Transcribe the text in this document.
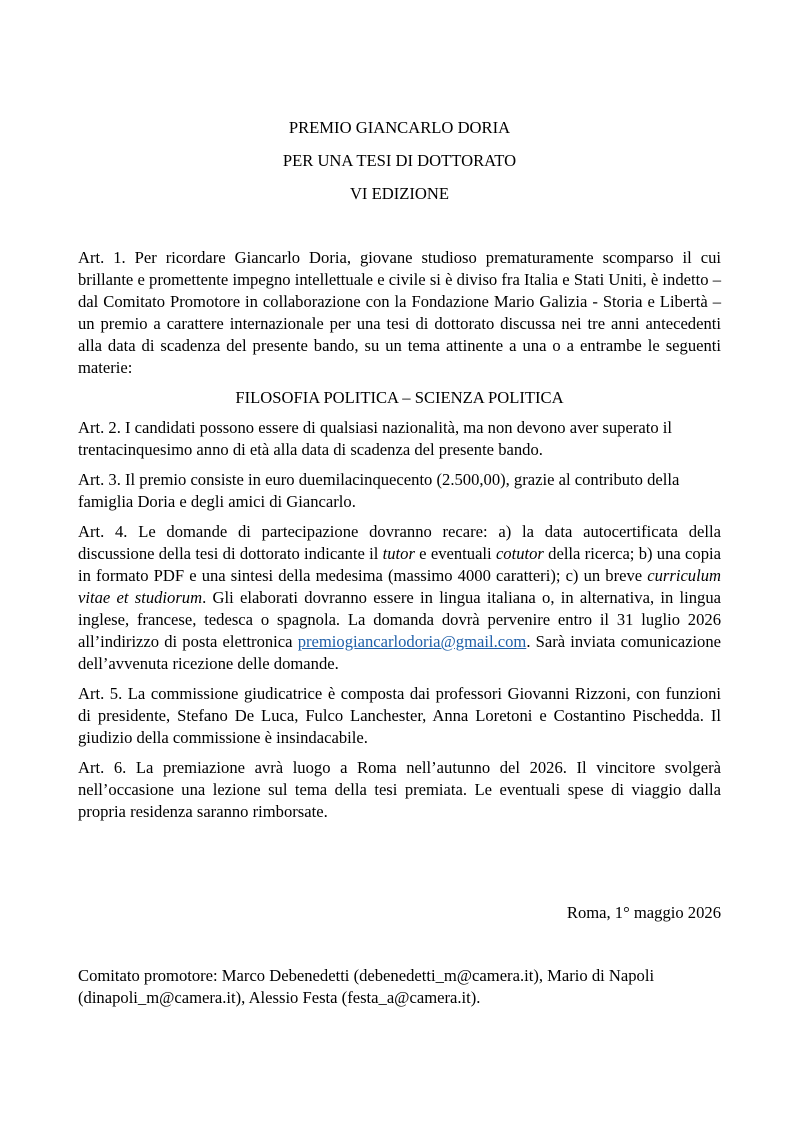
PREMIO GIANCARLO DORIA

PER UNA TESI DI DOTTORATO

VI EDIZIONE

Art. 1. Per ricordare Giancarlo Doria, giovane studioso prematuramente scomparso il cui brillante e promettente impegno intellettuale e civile si è diviso fra Italia e Stati Uniti, è indetto – dal Comitato Promotore in collaborazione con la Fondazione Mario Galizia - Storia e Libertà – un premio a carattere internazionale per una tesi di dottorato discussa nei tre anni antecedenti alla data di scadenza del presente bando, su un tema attinente a una o a entrambe le seguenti materie:

FILOSOFIA POLITICA – SCIENZA POLITICA

Art. 2. I candidati possono essere di qualsiasi nazionalità, ma non devono aver superato il trentacinquesimo anno di età alla data di scadenza del presente bando.

Art. 3. Il premio consiste in euro duemilacinquecento (2.500,00), grazie al contributo della famiglia Doria e degli amici di Giancarlo.

Art. 4. Le domande di partecipazione dovranno recare: a) la data autocertificata della discussione della tesi di dottorato indicante il tutor e eventuali cotutor della ricerca; b) una copia in formato PDF e una sintesi della medesima (massimo 4000 caratteri); c) un breve curriculum vitae et studiorum. Gli elaborati dovranno essere in lingua italiana o, in alternativa, in lingua inglese, francese, tedesca o spagnola. La domanda dovrà pervenire entro il 31 luglio 2026 all’indirizzo di posta elettronica premiogiancarlodoria@gmail.com. Sarà inviata comunicazione dell’avvenuta ricezione delle domande.

Art. 5. La commissione giudicatrice è composta dai professori Giovanni Rizzoni, con funzioni di presidente, Stefano De Luca, Fulco Lanchester, Anna Loretoni e Costantino Pischedda. Il giudizio della commissione è insindacabile.

Art. 6. La premiazione avrà luogo a Roma nell’autunno del 2026. Il vincitore svolgerà nell’occasione una lezione sul tema della tesi premiata. Le eventuali spese di viaggio dalla propria residenza saranno rimborsate.

Roma, 1° maggio 2026

Comitato promotore: Marco Debenedetti (debenedetti_m@camera.it), Mario di Napoli (dinapoli_m@camera.it), Alessio Festa (festa_a@camera.it).
